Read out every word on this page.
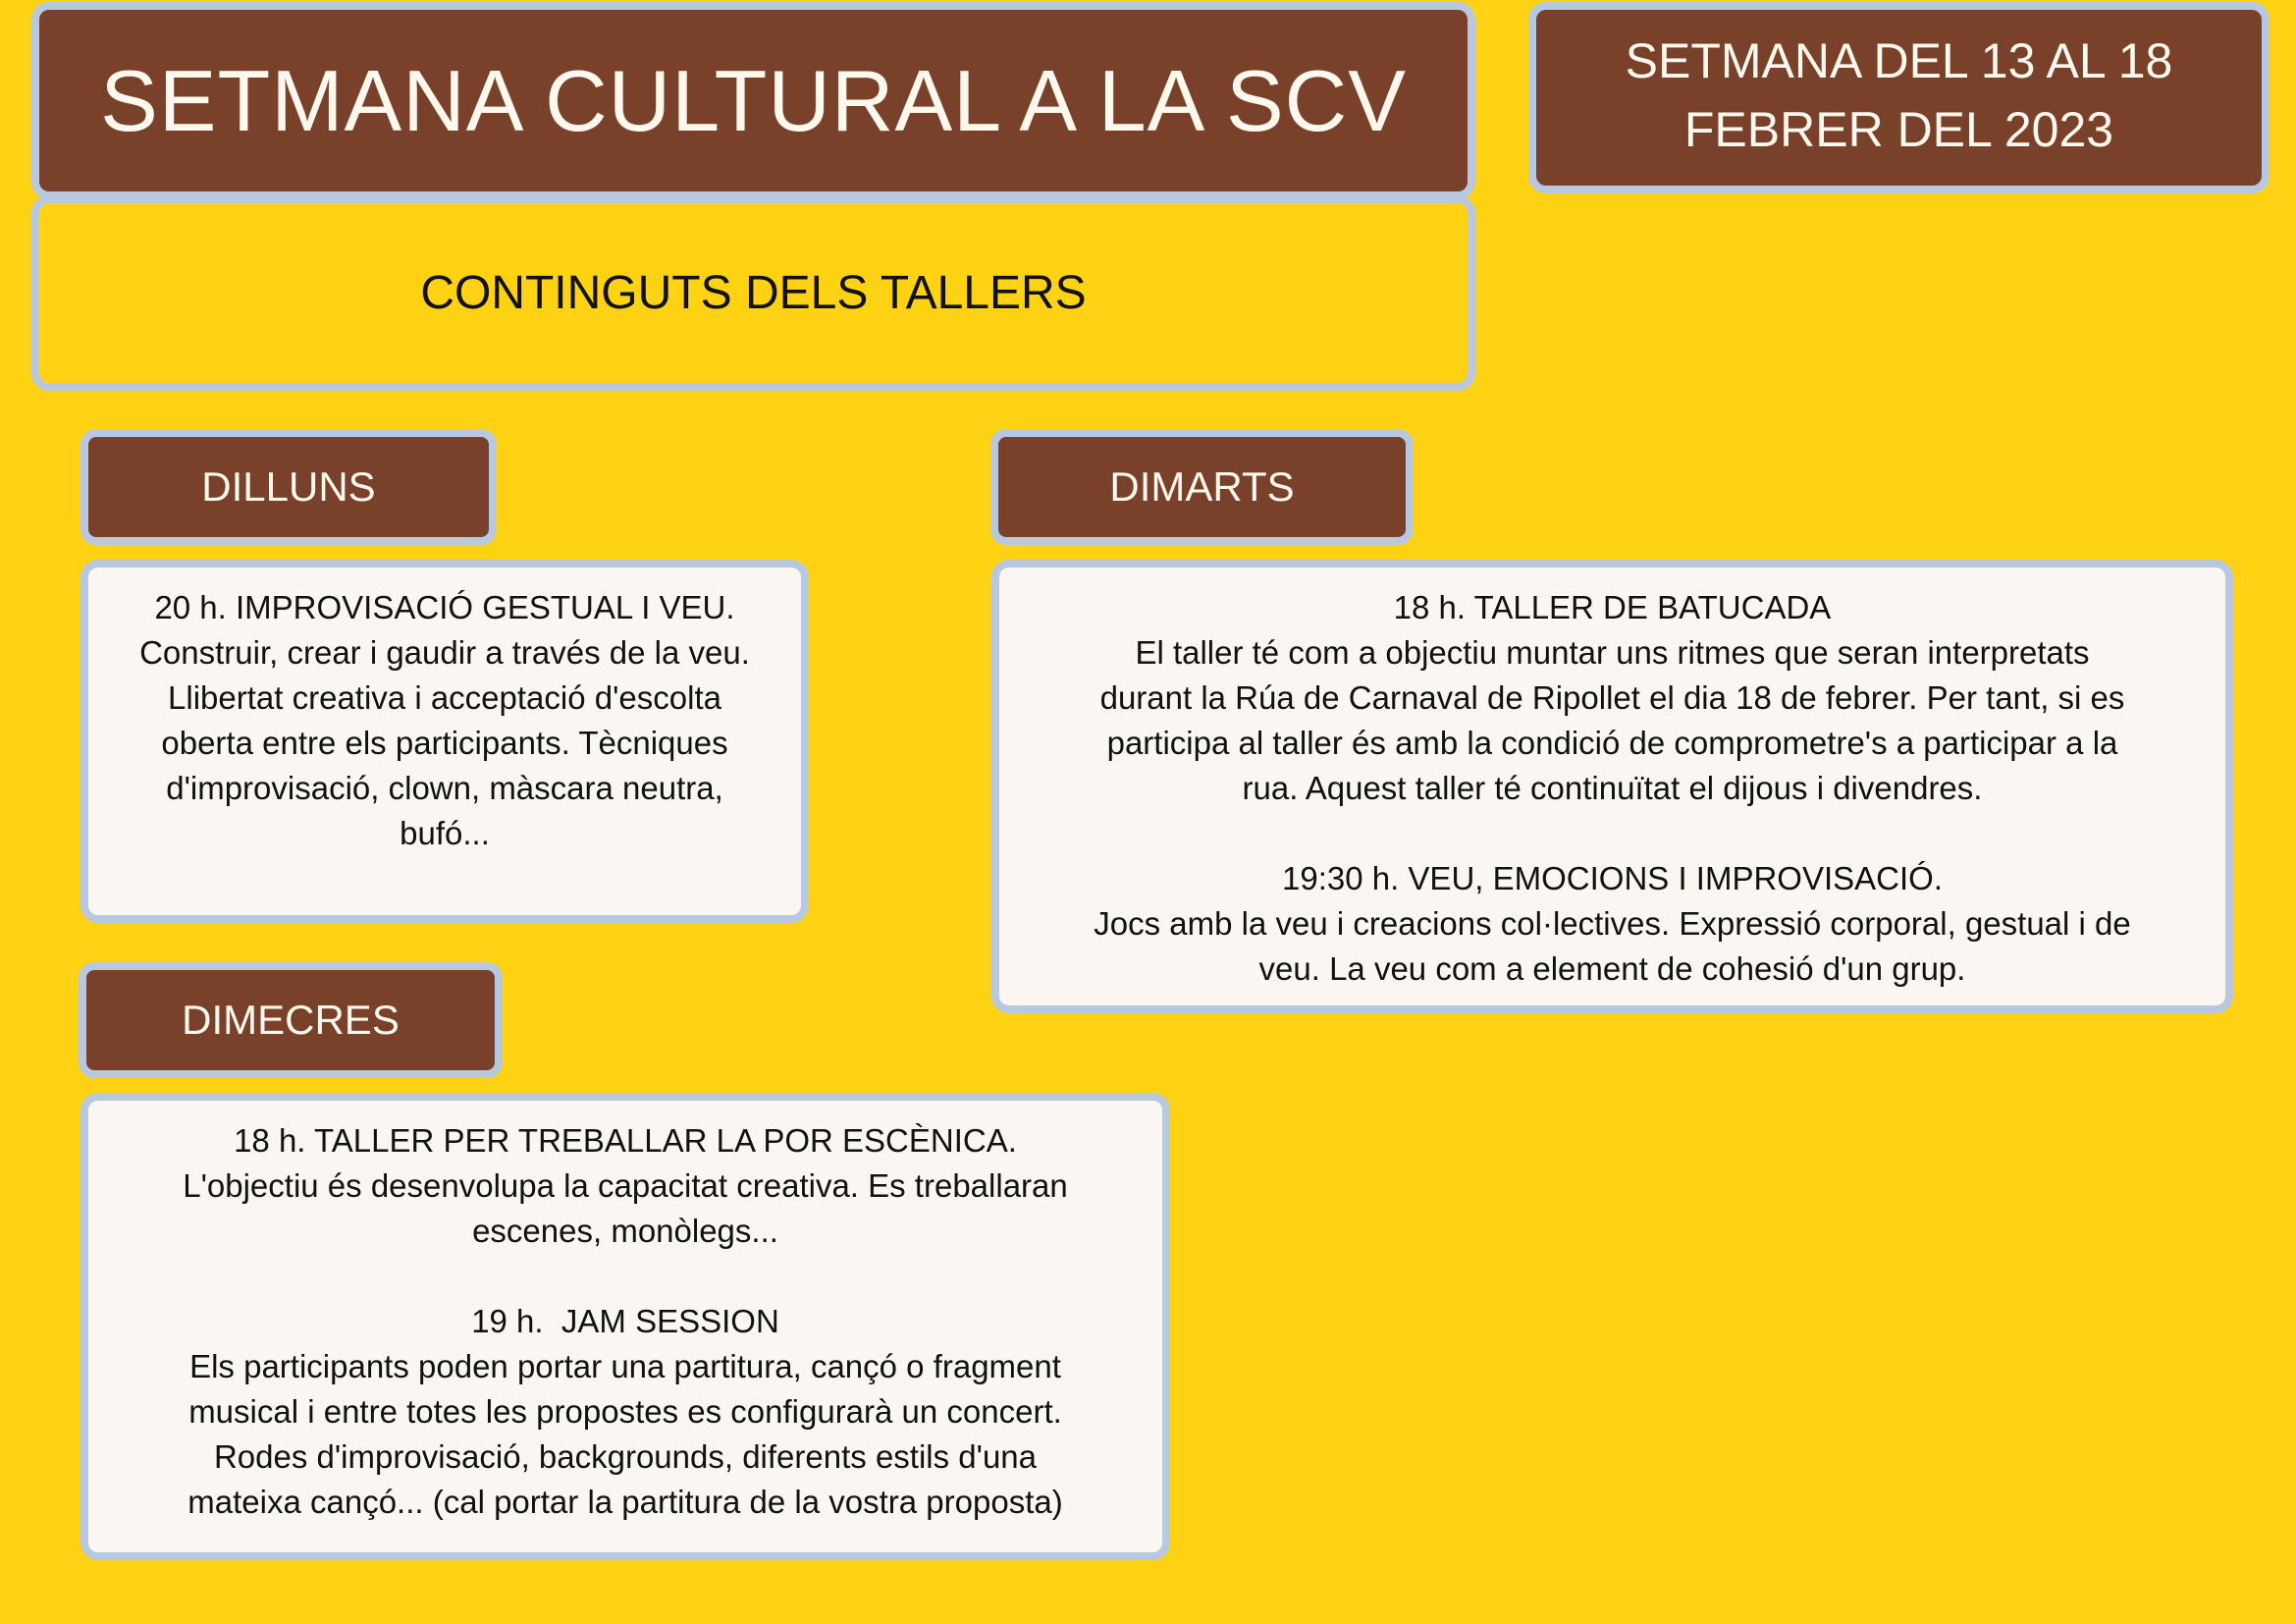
SETMANA CULTURAL A LA SCV	SETMANA DEL 13 AL 18
FEBRER DEL 2023
CONTINGUTS DELS TALLERS
DILLUNS

20 h. IMPROVISACIÓ GESTUAL I VEU.

Construir, crear i gaudir a través de la veu.

Llibertat creativa i acceptació d'escolta

oberta entre els participants. Tècniques

d'improvisació, clown, màscara neutra,

bufó...

DIMARTS

18 h. TALLER DE BATUCADA

El taller té com a objectiu muntar uns ritmes que seran interpretats

durant la Rúa de Carnaval de Ripollet el dia 18 de febrer. Per tant, si es

participa al taller és amb la condició de comprometre's a participar a la

rua. Aquest taller té continuïtat el dijous i divendres.

19:30 h. VEU, EMOCIONS I IMPROVISACIÓ.

Jocs amb la veu i creacions col·lectives. Expressió corporal, gestual i de

veu. La veu com a element de cohesió d'un grup.

DIMECRES

18 h. TALLER PER TREBALLAR LA POR ESCÈNICA.

L'objectiu és desenvolupa la capacitat creativa. Es treballaran

escenes, monòlegs...

19 h.  JAM SESSION

Els participants poden portar una partitura, cançó o fragment

musical i entre totes les propostes es configurarà un concert.

Rodes d'improvisació, backgrounds, diferents estils d'una

mateixa cançó... (cal portar la partitura de la vostra proposta)
